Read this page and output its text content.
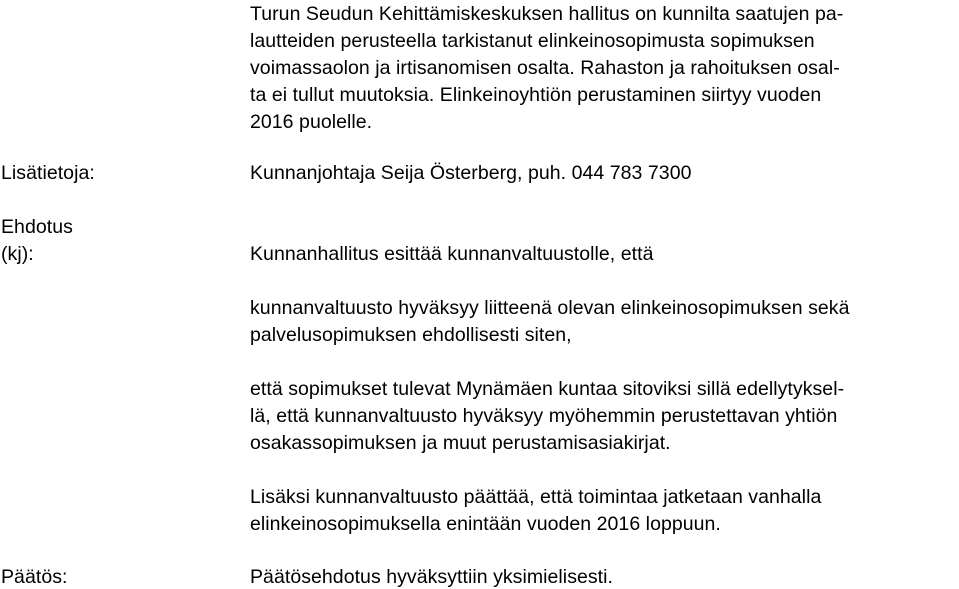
Turun Seudun Kehittämiskeskuksen hallitus on kunnilta saatujen pa-
lautteiden perusteella tarkistanut elinkeinosopimusta sopimuksen
voimassaolon ja irtisanomisen osalta. Rahaston ja rahoituksen osal-
ta ei tullut muutoksia. Elinkeinoyhtiön perustaminen siirtyy vuoden
2016 puolelle.
Lisätietoja:	Kunnanjohtaja Seija Österberg, puh. 044 783 7300
Ehdotus
(kj):	Kunnanhallitus esittää kunnanvaltuustolle, että
kunnanvaltuusto hyväksyy liitteenä olevan elinkeinosopimuksen sekä
palvelusopimuksen ehdollisesti siten,
että sopimukset tulevat Mynämäen kuntaa sitoviksi sillä edellytyksel-
lä, että kunnanvaltuusto hyväksyy myöhemmin perustettavan yhtiön
osakassopimuksen ja muut perustamisasiakirjat.
Lisäksi kunnanvaltuusto päättää, että toimintaa jatketaan vanhalla
elinkeinosopimuksella enintään vuoden 2016 loppuun.
Päätös:	Päätösehdotus hyväksyttiin yksimielisesti.
